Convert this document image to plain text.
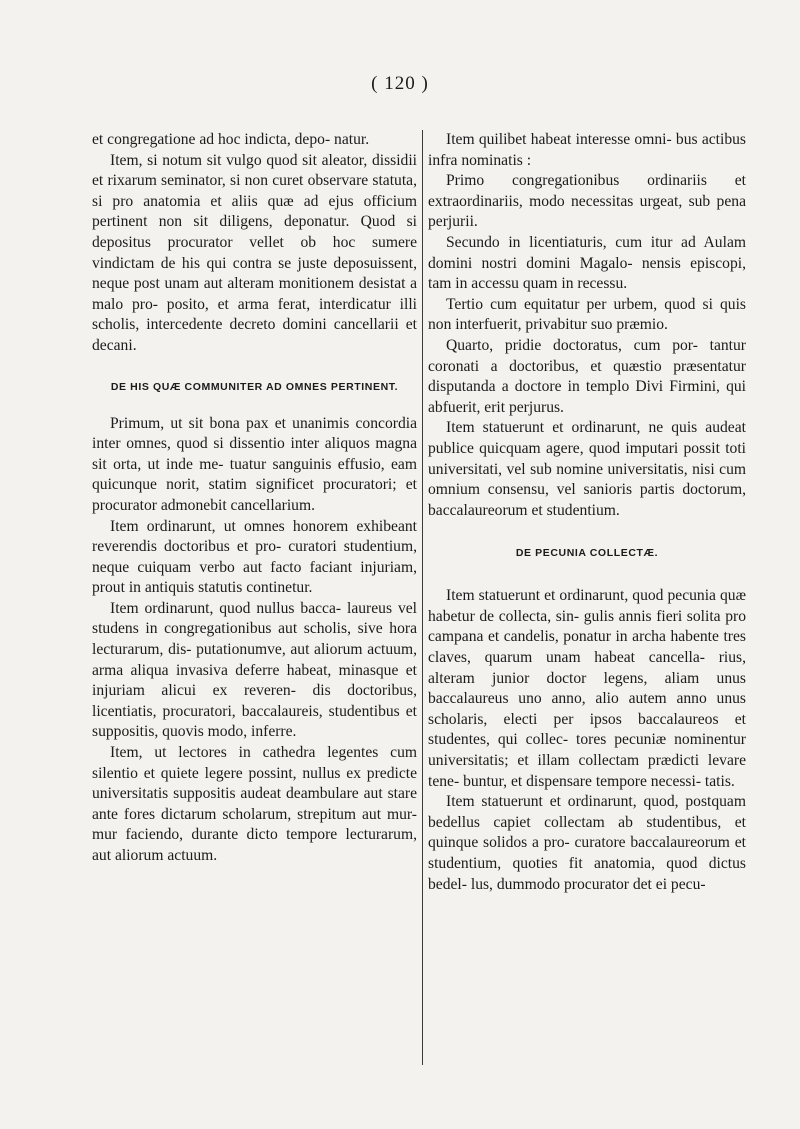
( 120 )

et congregatione ad hoc indicta, depo- natur.

Item, si notum sit vulgo quod sit aleator, dissidii et rixarum seminator, si non curet observare statuta, si pro anatomia et aliis quæ ad ejus officium pertinent non sit diligens, deponatur. Quod si depositus procurator vellet ob hoc sumere vindictam de his qui contra se juste deposuissent, neque post unam aut alteram monitionem desistat a malo pro- posito, et arma ferat, interdicatur illi scholis, intercedente decreto domini cancellarii et decani.

DE HIS QUÆ COMMUNITER AD OMNES PERTINENT.

Primum, ut sit bona pax et unanimis concordia inter omnes, quod si dissentio inter aliquos magna sit orta, ut inde me- tuatur sanguinis effusio, eam quicunque norit, statim significet procuratori; et procurator admonebit cancellarium.

Item ordinarunt, ut omnes honorem exhibeant reverendis doctoribus et pro- curatori studentium, neque cuiquam verbo aut facto faciant injuriam, prout in antiquis statutis continetur.

Item ordinarunt, quod nullus bacca- laureus vel studens in congregationibus aut scholis, sive hora lecturarum, dis- putationumve, aut aliorum actuum, arma aliqua invasiva deferre habeat, minasque et injuriam alicui ex reveren- dis doctoribus, licentiatis, procuratori, baccalaureis, studentibus et suppositis, quovis modo, inferre.

Item, ut lectores in cathedra legentes cum silentio et quiete legere possint, nullus ex predicte universitatis suppositis audeat deambulare aut stare ante fores dictarum scholarum, strepitum aut mur- mur faciendo, durante dicto tempore lecturarum, aut aliorum actuum.

Item quilibet habeat interesse omni- bus actibus infra nominatis :

Primo congregationibus ordinariis et extraordinariis, modo necessitas urgeat, sub pena perjurii.

Secundo in licentiaturis, cum itur ad Aulam domini nostri domini Magalo- nensis episcopi, tam in accessu quam in recessu.

Tertio cum equitatur per urbem, quod si quis non interfuerit, privabitur suo præmio.

Quarto, pridie doctoratus, cum por- tantur coronati a doctoribus, et quæstio præsentatur disputanda a doctore in templo Divi Firmini, qui abfuerit, erit perjurus.

Item statuerunt et ordinarunt, ne quis audeat publice quicquam agere, quod imputari possit toti universitati, vel sub nomine universitatis, nisi cum omnium consensu, vel sanioris partis doctorum, baccalaureorum et studentium.

DE PECUNIA COLLECTÆ.

Item statuerunt et ordinarunt, quod pecunia quæ habetur de collecta, sin- gulis annis fieri solita pro campana et candelis, ponatur in archa habente tres claves, quarum unam habeat cancella- rius, alteram junior doctor legens, aliam unus baccalaureus uno anno, alio autem anno unus scholaris, electi per ipsos baccalaureos et studentes, qui collec- tores pecuniæ nominentur universitatis; et illam collectam prædicti levare tene- buntur, et dispensare tempore necessi- tatis.

Item statuerunt et ordinarunt, quod, postquam bedellus capiet collectam ab studentibus, et quinque solidos a pro- curatore baccalaureorum et studentium, quoties fit anatomia, quod dictus bedel- lus, dummodo procurator det ei pecu-
